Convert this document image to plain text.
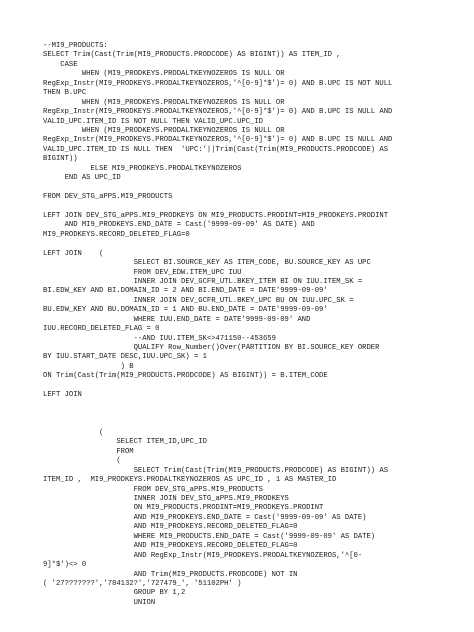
--MI9_PRODUCTS:
SELECT Trim(Cast(Trim(MI9_PRODUCTS.PRODCODE) AS BIGINT)) AS ITEM_ID ,
CASE
WHEN (MI9_PRODKEYS.PRODALTKEYNOZEROS IS NULL OR
RegExp_Instr(MI9_PRODKEYS.PRODALTKEYNOZEROS,'^[0-9]*$')= 0) AND B.UPC IS NOT NULL
THEN B.UPC
WHEN (MI9_PRODKEYS.PRODALTKEYNOZEROS IS NULL OR
RegExp_Instr(MI9_PRODKEYS.PRODALTKEYNOZEROS,'^[0-9]*$')= 0) AND B.UPC IS NULL AND
VALID_UPC.ITEM_ID IS NOT NULL THEN VALID_UPC.UPC_ID
WHEN (MI9_PRODKEYS.PRODALTKEYNOZEROS IS NULL OR
RegExp_Instr(MI9_PRODKEYS.PRODALTKEYNOZEROS,'^[0-9]*$')= 0) AND B.UPC IS NULL AND
VALID_UPC.ITEM_ID IS NULL THEN  'UPC:'||Trim(Cast(Trim(MI9_PRODUCTS.PRODCODE) AS
BIGINT))
ELSE MI9_PRODKEYS.PRODALTKEYNOZEROS
END AS UPC_ID

FROM DEV_STG_aPPS.MI9_PRODUCTS

LEFT JOIN DEV_STG_aPPS.MI9_PRODKEYS ON MI9_PRODUCTS.PRODINT=MI9_PRODKEYS.PRODINT
AND MI9_PRODKEYS.END_DATE = Cast('9999-09-09' AS DATE) AND
MI9_PRODKEYS.RECORD_DELETED_FLAG=0

LEFT JOIN    (
SELECT BI.SOURCE_KEY AS ITEM_CODE, BU.SOURCE_KEY AS UPC
FROM DEV_EDW.ITEM_UPC IUU
INNER JOIN DEV_GCFR_UTL.BKEY_ITEM BI ON IUU.ITEM_SK =
BI.EDW_KEY AND BI.DOMAIN_ID = 2 AND BI.END_DATE = DATE'9999-09-09'
INNER JOIN DEV_GCFR_UTL.BKEY_UPC BU ON IUU.UPC_SK =
BU.EDW_KEY AND BU.DOMAIN_ID = 1 AND BU.END_DATE = DATE'9999-09-09'
WHERE IUU.END_DATE = DATE'9999-09-09' AND
IUU.RECORD_DELETED_FLAG = 0
--AND IUU.ITEM_SK<>471150--453659
QUALIFY Row_Number()Over(PARTITION BY BI.SOURCE_KEY ORDER
BY IUU.START_DATE DESC,IUU.UPC_SK) = 1
) B
ON Trim(Cast(Trim(MI9_PRODUCTS.PRODCODE) AS BIGINT)) = B.ITEM_CODE

LEFT JOIN

(
SELECT ITEM_ID,UPC_ID
FROM
(
SELECT Trim(Cast(Trim(MI9_PRODUCTS.PRODCODE) AS BIGINT)) AS
ITEM_ID ,  MI9_PRODKEYS.PRODALTKEYNOZEROS AS UPC_ID , 1 AS MASTER_ID
FROM DEV_STG_aPPS.MI9_PRODUCTS
INNER JOIN DEV_STG_aPPS.MI9_PRODKEYS
ON MI9_PRODUCTS.PRODINT=MI9_PRODKEYS.PRODINT
AND MI9_PRODKEYS.END_DATE = Cast('9999-09-09' AS DATE)
AND MI9_PRODKEYS.RECORD_DELETED_FLAG=0
WHERE MI9_PRODUCTS.END_DATE = Cast('9999-09-09' AS DATE)
AND MI9_PRODKEYS.RECORD_DELETED_FLAG=0
AND RegExp_Instr(MI9_PRODKEYS.PRODALTKEYNOZEROS,'^[0-
9]*$')<> 0
AND Trim(MI9_PRODUCTS.PRODCODE) NOT IN
( '27???????','784132?','727479_', '51102PH' )
GROUP BY 1,2
UNION
